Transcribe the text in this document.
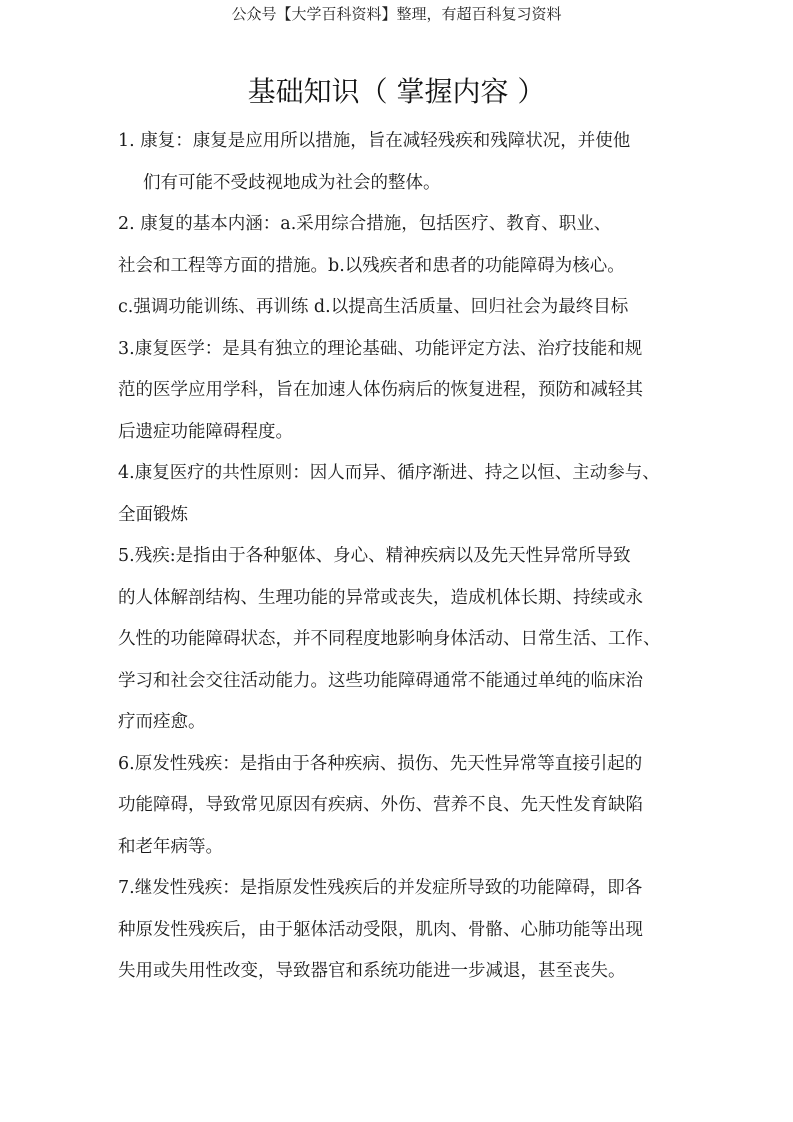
公众号【大学百科资料】整理，有超百科复习资料
基础知识（ 掌握内容 ）
1. 康复：康复是应用所以措施，旨在减轻残疾和残障状况，并使他
们有可能不受歧视地成为社会的整体。
2. 康复的基本内涵：a.采用综合措施，包括医疗、教育、职业、
社会和工程等方面的措施。b.以残疾者和患者的功能障碍为核心。
c.强调功能训练、再训练 d.以提高生活质量、回归社会为最终目标
3.康复医学：是具有独立的理论基础、功能评定方法、治疗技能和规
范的医学应用学科，旨在加速人体伤病后的恢复进程，预防和减轻其
后遗症功能障碍程度。
4.康复医疗的共性原则：因人而异、循序渐进、持之以恒、主动参与、
全面锻炼
5.残疾:是指由于各种躯体、身心、精神疾病以及先天性异常所导致
的人体解剖结构、生理功能的异常或丧失，造成机体长期、持续或永
久性的功能障碍状态，并不同程度地影响身体活动、日常生活、工作、
学习和社会交往活动能力。这些功能障碍通常不能通过单纯的临床治
疗而痊愈。
6.原发性残疾：是指由于各种疾病、损伤、先天性异常等直接引起的
功能障碍，导致常见原因有疾病、外伤、营养不良、先天性发育缺陷
和老年病等。
7.继发性残疾：是指原发性残疾后的并发症所导致的功能障碍，即各
种原发性残疾后，由于躯体活动受限，肌肉、骨骼、心肺功能等出现
失用或失用性改变，导致器官和系统功能进一步减退，甚至丧失。
